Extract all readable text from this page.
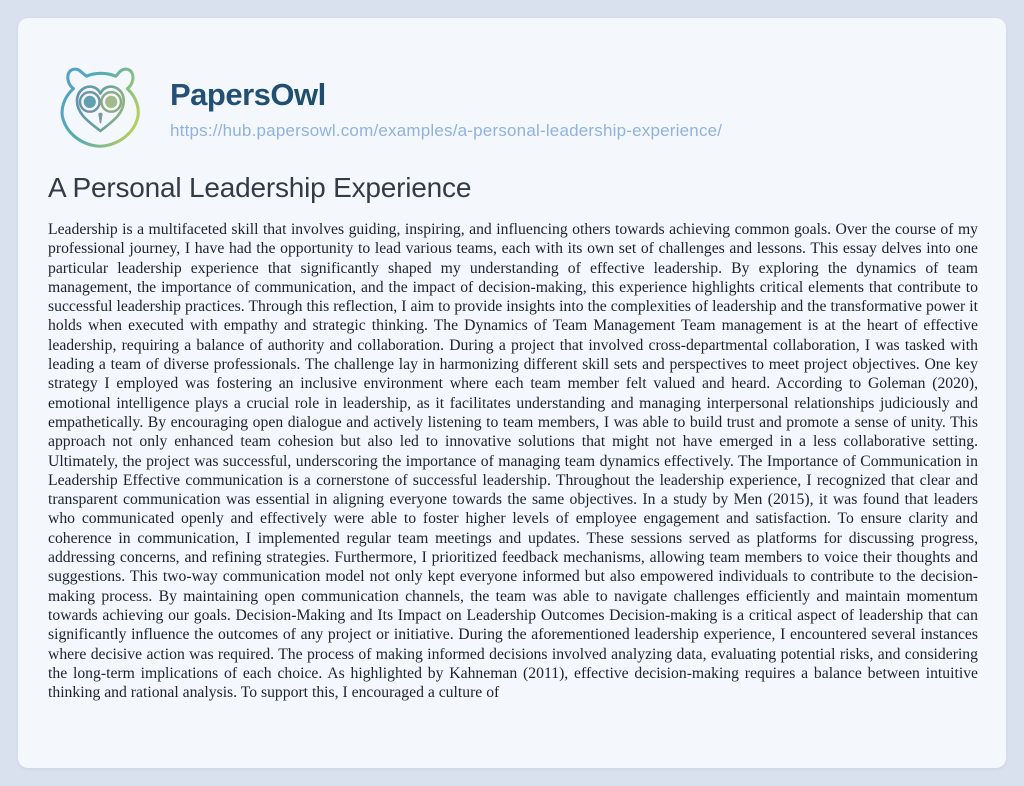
PapersOwl
https://hub.papersowl.com/examples/a-personal-leadership-experience/
A Personal Leadership Experience

Leadership is a multifaceted skill that involves guiding, inspiring, and influencing others towards achieving common goals. Over the course of my professional journey, I have had the opportunity to lead various teams, each with its own set of challenges and lessons. This essay delves into one particular leadership experience that significantly shaped my understanding of effective leadership. By exploring the dynamics of team management, the importance of communication, and the impact of decision-making, this experience highlights critical elements that contribute to successful leadership practices. Through this reflection, I aim to provide insights into the complexities of leadership and the transformative power it holds when executed with empathy and strategic thinking. The Dynamics of Team Management Team management is at the heart of effective leadership, requiring a balance of authority and collaboration. During a project that involved cross-departmental collaboration, I was tasked with leading a team of diverse professionals. The challenge lay in harmonizing different skill sets and perspectives to meet project objectives. One key strategy I employed was fostering an inclusive environment where each team member felt valued and heard. According to Goleman (2020), emotional intelligence plays a crucial role in leadership, as it facilitates understanding and managing interpersonal relationships judiciously and empathetically. By encouraging open dialogue and actively listening to team members, I was able to build trust and promote a sense of unity. This approach not only enhanced team cohesion but also led to innovative solutions that might not have emerged in a less collaborative setting. Ultimately, the project was successful, underscoring the importance of managing team dynamics effectively. The Importance of Communication in Leadership Effective communication is a cornerstone of successful leadership. Throughout the leadership experience, I recognized that clear and transparent communication was essential in aligning everyone towards the same objectives. In a study by Men (2015), it was found that leaders who communicated openly and effectively were able to foster higher levels of employee engagement and satisfaction. To ensure clarity and coherence in communication, I implemented regular team meetings and updates. These sessions served as platforms for discussing progress, addressing concerns, and refining strategies. Furthermore, I prioritized feedback mechanisms, allowing team members to voice their thoughts and suggestions. This two-way communication model not only kept everyone informed but also empowered individuals to contribute to the decision-making process. By maintaining open communication channels, the team was able to navigate challenges efficiently and maintain momentum towards achieving our goals. Decision-Making and Its Impact on Leadership Outcomes Decision-making is a critical aspect of leadership that can significantly influence the outcomes of any project or initiative. During the aforementioned leadership experience, I encountered several instances where decisive action was required. The process of making informed decisions involved analyzing data, evaluating potential risks, and considering the long-term implications of each choice. As highlighted by Kahneman (2011), effective decision-making requires a balance between intuitive thinking and rational analysis. To support this, I encouraged a culture of
